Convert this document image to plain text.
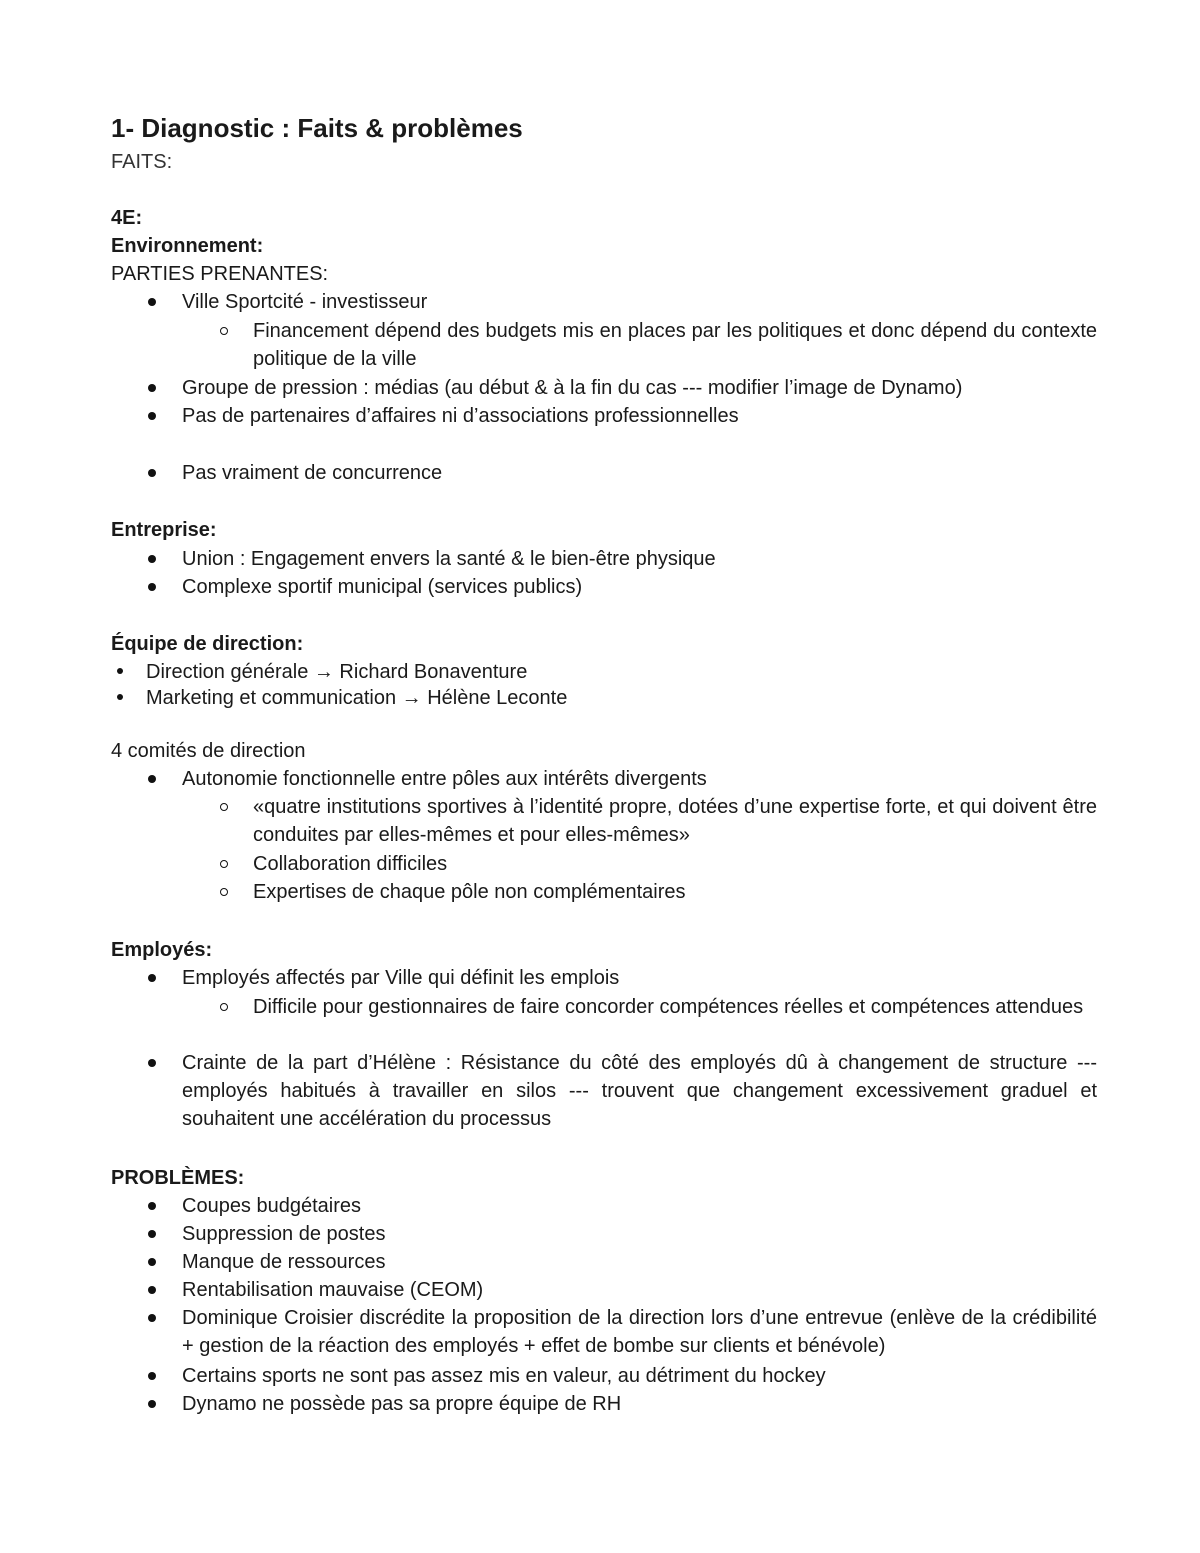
1- Diagnostic : Faits & problèmes
FAITS:
4E:
Environnement:
PARTIES PRENANTES:
Ville Sportcité - investisseur
Financement dépend des budgets mis en places par les politiques et donc dépend du contexte politique de la ville
Groupe de pression : médias (au début & à la fin du cas --- modifier l’image de Dynamo)
Pas de partenaires d’affaires ni d’associations professionnelles
Pas vraiment de concurrence
Entreprise:
Union : Engagement envers la santé & le bien-être physique
Complexe sportif municipal (services publics)
Équipe de direction:
Direction générale → Richard Bonaventure
Marketing et communication → Hélène Leconte
4 comités de direction
Autonomie fonctionnelle entre pôles aux intérêts divergents
«quatre institutions sportives à l’identité propre, dotées d’une expertise forte, et qui doivent être conduites par elles-mêmes et pour elles-mêmes»
Collaboration difficiles
Expertises de chaque pôle non complémentaires
Employés:
Employés affectés par Ville qui définit les emplois
Difficile pour gestionnaires de faire concorder compétences réelles et compétences attendues
Crainte de la part d’Hélène : Résistance du côté des employés dû à changement de structure --- employés habitués à travailler en silos --- trouvent que changement excessivement graduel et souhaitent une accélération du processus
PROBLÈMES:
Coupes budgétaires
Suppression de postes
Manque de ressources
Rentabilisation mauvaise (CEOM)
Dominique Croisier discrédite la proposition de la direction lors d’une entrevue (enlève de la crédibilité + gestion de la réaction des employés + effet de bombe sur clients et bénévole)
Certains sports ne sont pas assez mis en valeur, au détriment du hockey
Dynamo ne possède pas sa propre équipe de RH
